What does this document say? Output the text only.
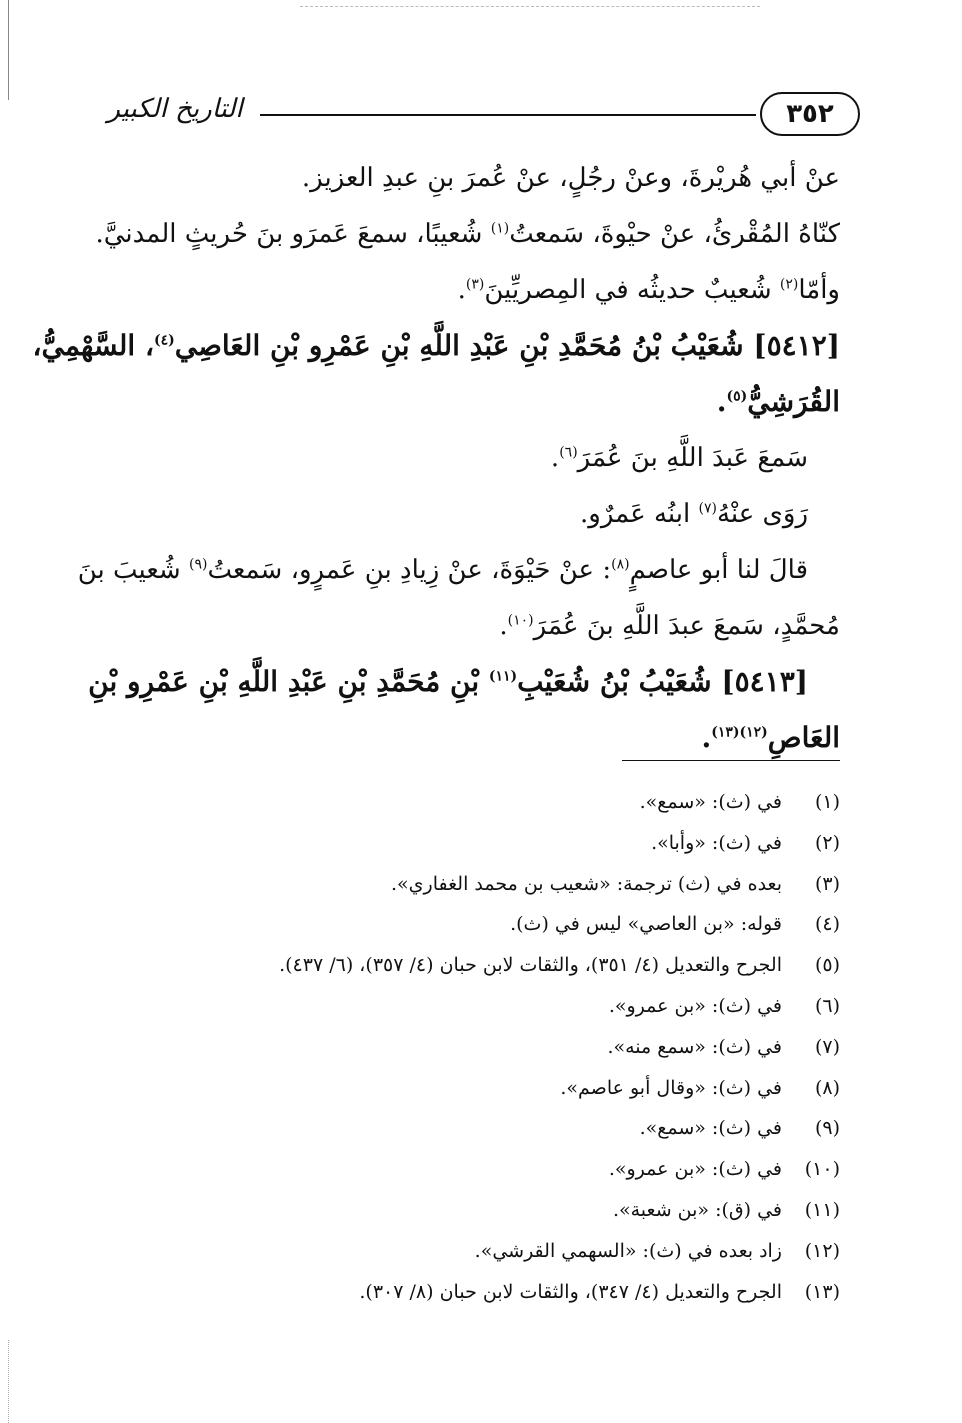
التاريخ الكبير	٣٥٢
عنْ أبي هُريْرةَ، وعنْ رجُلٍ، عنْ عُمرَ بنِ عبدِ العزيز.
كنّاهُ المُقْرئُ، عنْ حيْوةَ، سَمعتُ$^{(١)}$ شُعيبًا، سمعَ عَمرَو بنَ حُريثٍ المدنيَّ.
وأمّا$^{(٢)}$ شُعيبٌ حديثُه في المِصريِّينَ$^{(٣)}$.
[٥٤١٢] شُعَيْبُ بْنُ مُحَمَّدِ بْنِ عَبْدِ اللَّهِ بْنِ عَمْرِو بْنِ العَاصِي$^{(٤)}$، السَّهْمِيُّ،
القُرَشِيُّ$^{(٥)}$.
سَمعَ عَبدَ اللَّهِ بنَ عُمَرَ$^{(٦)}$.
رَوَى عنْهُ$^{(٧)}$ ابنُه عَمرٌو.
قالَ لنا أبو عاصمٍ$^{(٨)}$: عنْ حَيْوَةَ، عنْ زِيادِ بنِ عَمرٍو، سَمعتُ$^{(٩)}$ شُعيبَ بنَ
مُحمَّدٍ، سَمعَ عبدَ اللَّهِ بنَ عُمَرَ$^{(١٠)}$.
[٥٤١٣] شُعَيْبُ بْنُ شُعَيْبِ$^{(١١)}$ بْنِ مُحَمَّدِ بْنِ عَبْدِ اللَّهِ بْنِ عَمْرِو بْنِ
العَاصِ$^{(١٢)(١٣)}$.
(١)في (ث): «سمع».
(٢)في (ث): «وأبا».
(٣)بعده في (ث) ترجمة: «شعيب بن محمد الغفاري».
(٤)قوله: «بن العاصي» ليس في (ث).
(٥)الجرح والتعديل (٤/ ٣٥١)، والثقات لابن حبان (٤/ ٣٥٧)، (٦/ ٤٣٧).
(٦)في (ث): «بن عمرو».
(٧)في (ث): «سمع منه».
(٨)في (ث): «وقال أبو عاصم».
(٩)في (ث): «سمع».
(١٠)في (ث): «بن عمرو».
(١١)في (ق): «بن شعبة».
(١٢)زاد بعده في (ث): «السهمي القرشي».
(١٣)الجرح والتعديل (٤/ ٣٤٧)، والثقات لابن حبان (٨/ ٣٠٧).
